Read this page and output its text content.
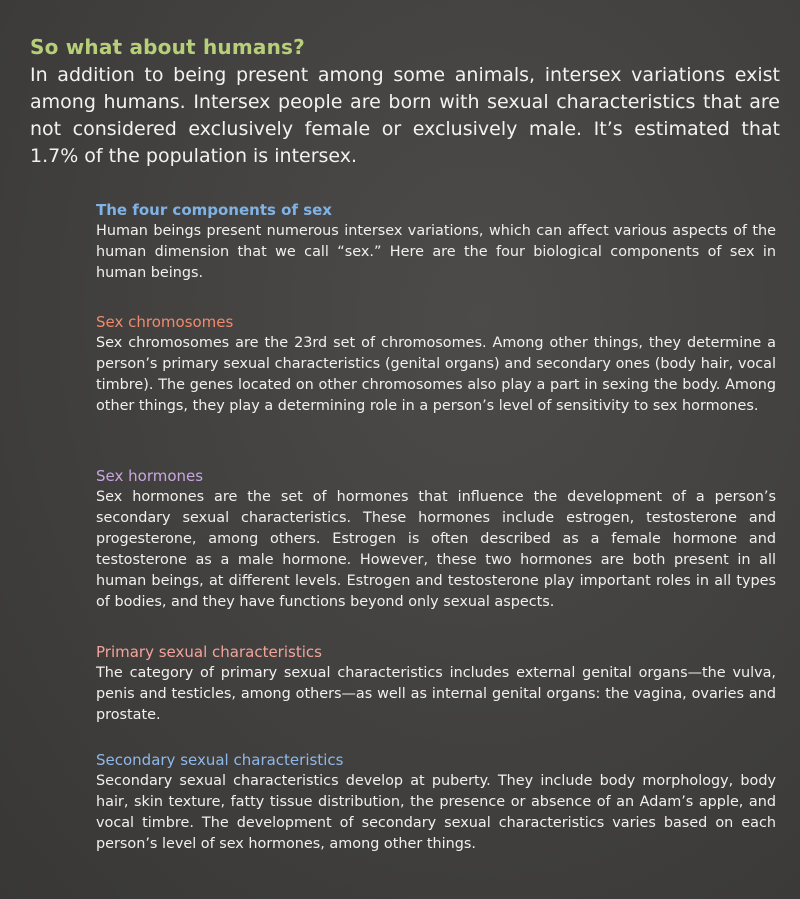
So what about humans?

In addition to being present among some animals, intersex variations exist among humans. Intersex people are born with sexual characteristics that are not considered exclusively female or exclusively male. It’s estimated that 1.7% of the population is intersex.

The four components of sex

Human beings present numerous intersex variations, which can affect various aspects of the human dimension that we call “sex.” Here are the four biological components of sex in human beings.

Sex chromosomes

Sex chromosomes are the 23rd set of chromosomes. Among other things, they determine a person’s primary sexual characteristics (genital organs) and secondary ones (body hair, vocal timbre). The genes located on other chromosomes also play a part in sexing the body. Among other things, they play a determining role in a person’s level of sensitivity to sex hormones.

Sex hormones

Sex hormones are the set of hormones that influence the development of a person’s secondary sexual characteristics. These hormones include estrogen, testosterone and progesterone, among others. Estrogen is often described as a female hormone and testosterone as a male hormone. However, these two hormones are both present in all human beings, at different levels. Estrogen and testosterone play important roles in all types of bodies, and they have functions beyond only sexual aspects.

Primary sexual characteristics

The category of primary sexual characteristics includes external genital organs—the vulva, penis and testicles, among others—as well as internal genital organs: the vagina, ovaries and prostate.

Secondary sexual characteristics

Secondary sexual characteristics develop at puberty. They include body morphology, body hair, skin texture, fatty tissue distribution, the presence or absence of an Adam’s apple, and vocal timbre. The development of secondary sexual characteristics varies based on each person’s level of sex hormones, among other things.
